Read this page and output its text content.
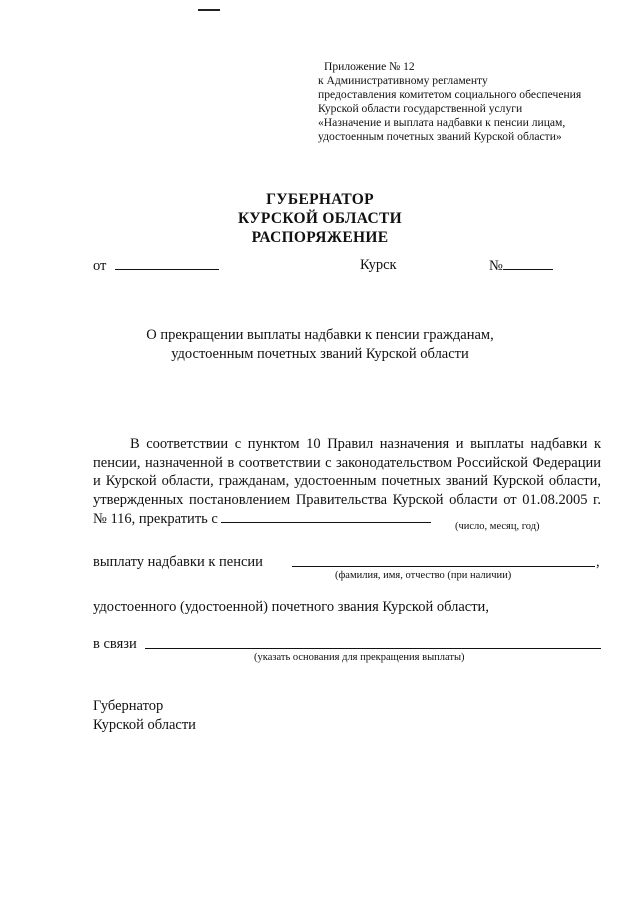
Приложение № 12
к Административному регламенту
предоставления комитетом социального обеспечения
Курской области государственной услуги
«Назначение и выплата надбавки к пенсии лицам,
удостоенным почетных званий Курской области»
ГУБЕРНАТОР
КУРСКОЙ ОБЛАСТИ
РАСПОРЯЖЕНИЕ
от	Курск	№
О прекращении выплаты надбавки к пенсии гражданам,
удостоенным почетных званий Курской области

В соответствии с пунктом 10 Правил назначения и выплаты надбавки к пенсии, назначенной в соответствии с законодательством Российской Федерации и Курской области, гражданам, удостоенным почетных званий Курской области, утвержденных постановлением Правительства Курской области от 01.08.2005 г. № 116, прекратить с	(число, месяц, год)
выплату надбавки к пенсии	,
(фамилия, имя, отчество (при наличии)
удостоенного (удостоенной) почетного звания Курской области,
в связи
(указать основания для прекращения выплаты)
Губернатор
Курской области
